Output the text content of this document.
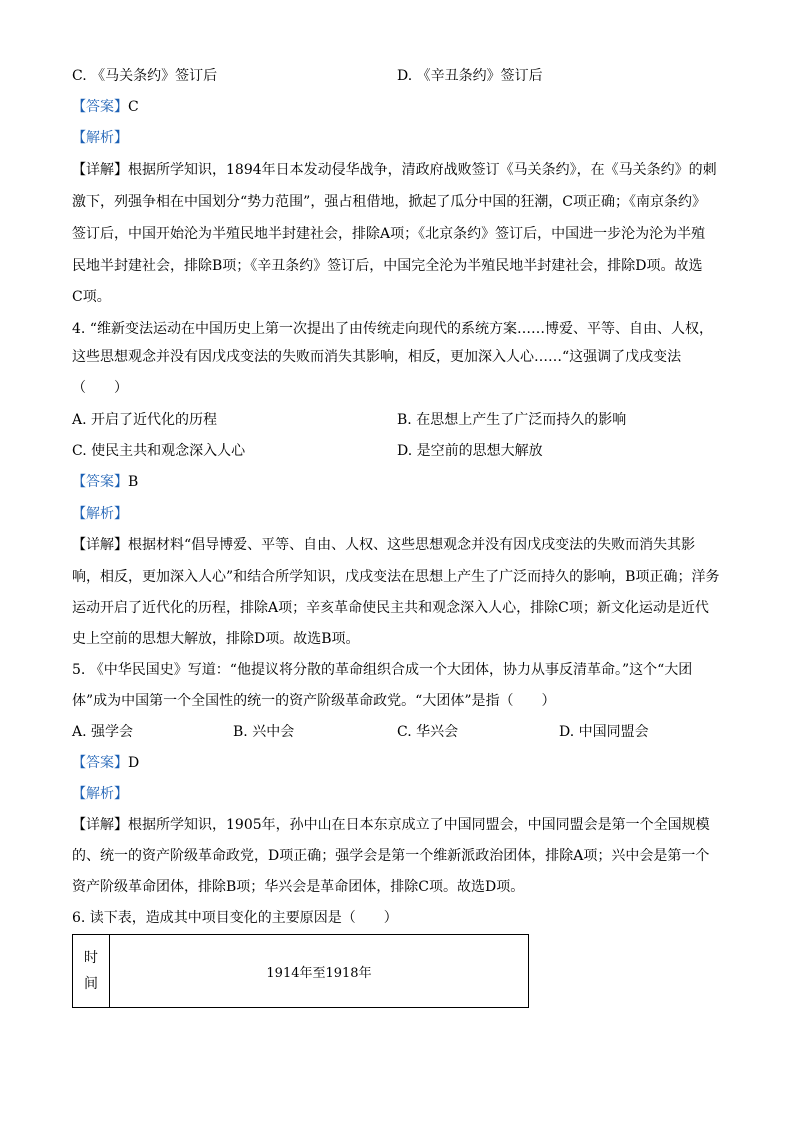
C. 《马关条约》签订后	D. 《辛丑条约》签订后
【答案】C
【解析】
【详解】根据所学知识，1894年日本发动侵华战争，清政府战败签订《马关条约》，在《马关条约》的刺
激下，列强争相在中国划分“势力范围”，强占租借地，掀起了瓜分中国的狂潮，C项正确；《南京条约》
签订后，中国开始沦为半殖民地半封建社会，排除A项；《北京条约》签订后，中国进一步沦为沦为半殖
民地半封建社会，排除B项；《辛丑条约》签订后，中国完全沦为半殖民地半封建社会，排除D项。故选
C项。
4. “维新变法运动在中国历史上第一次提出了由传统走向现代的系统方案……博爱、平等、自由、人权，
这些思想观念并没有因戊戌变法的失败而消失其影响，相反，更加深入人心……“这强调了戊戌变法
（　　）
A. 开启了近代化的历程	B. 在思想上产生了广泛而持久的影响
C. 使民主共和观念深入人心	D. 是空前的思想大解放
【答案】B
【解析】
【详解】根据材料“倡导博爱、平等、自由、人权、这些思想观念并没有因戊戌变法的失败而消失其影
响，相反，更加深入人心”和结合所学知识，戊戌变法在思想上产生了广泛而持久的影响，B项正确；洋务
运动开启了近代化的历程，排除A项；辛亥革命使民主共和观念深入人心，排除C项；新文化运动是近代
史上空前的思想大解放，排除D项。故选B项。
5. 《中华民国史》写道：“他提议将分散的革命组织合成一个大团体，协力从事反清革命。”这个“大团
体”成为中国第一个全国性的统一的资产阶级革命政党。“大团体”是指（　　）
A. 强学会	B. 兴中会	C. 华兴会	D. 中国同盟会
【答案】D
【解析】
【详解】根据所学知识，1905年，孙中山在日本东京成立了中国同盟会，中国同盟会是第一个全国规模
的、统一的资产阶级革命政党，D项正确；强学会是第一个维新派政治团体，排除A项；兴中会是第一个
资产阶级革命团体，排除B项；华兴会是革命团体，排除C项。故选D项。
6. 读下表，造成其中项目变化的主要原因是（　　）
时
间
	1914年至1918年
